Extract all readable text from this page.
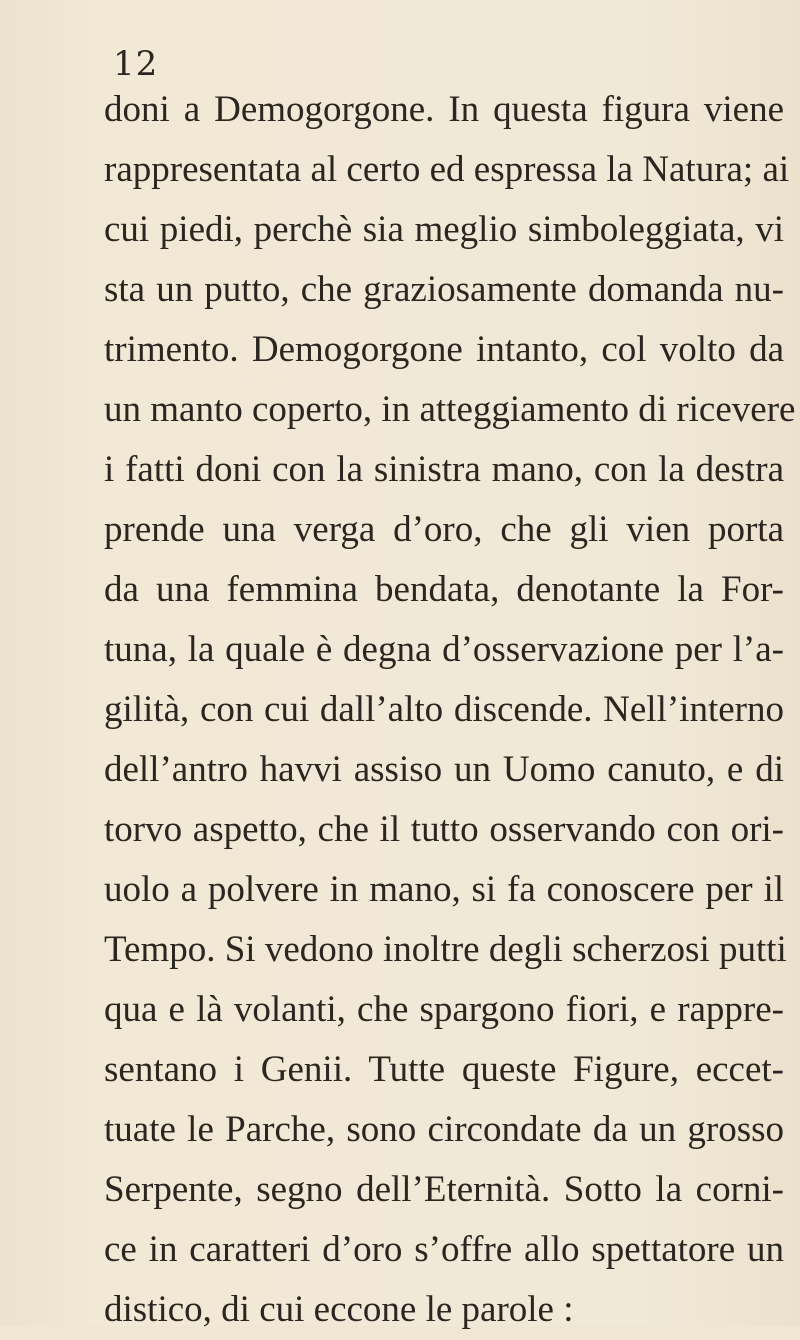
12
doni a Demogorgone. In questa figura viene
rappresentata al certo ed espressa la Natura; ai
cui piedi, perchè sia meglio simboleggiata, vi
sta un putto, che graziosamente domanda nu-
trimento. Demogorgone intanto, col volto da
un manto coperto, in atteggiamento di ricevere
i fatti doni con la sinistra mano, con la destra
prende una verga d’oro, che gli vien porta
da una femmina bendata, denotante la For-
tuna, la quale è degna d’osservazione per l’a-
gilità, con cui dall’alto discende. Nell’interno
dell’antro havvi assiso un Uomo canuto, e di
torvo aspetto, che il tutto osservando con ori-
uolo a polvere in mano, si fa conoscere per il
Tempo. Si vedono inoltre degli scherzosi putti
qua e là volanti, che spargono fiori, e rappre-
sentano i Genii. Tutte queste Figure, eccet-
tuate le Parche, sono circondate da un grosso
Serpente, segno dell’Eternità. Sotto la corni-
ce in caratteri d’oro s’offre allo spettatore un
distico, di cui eccone le parole :
